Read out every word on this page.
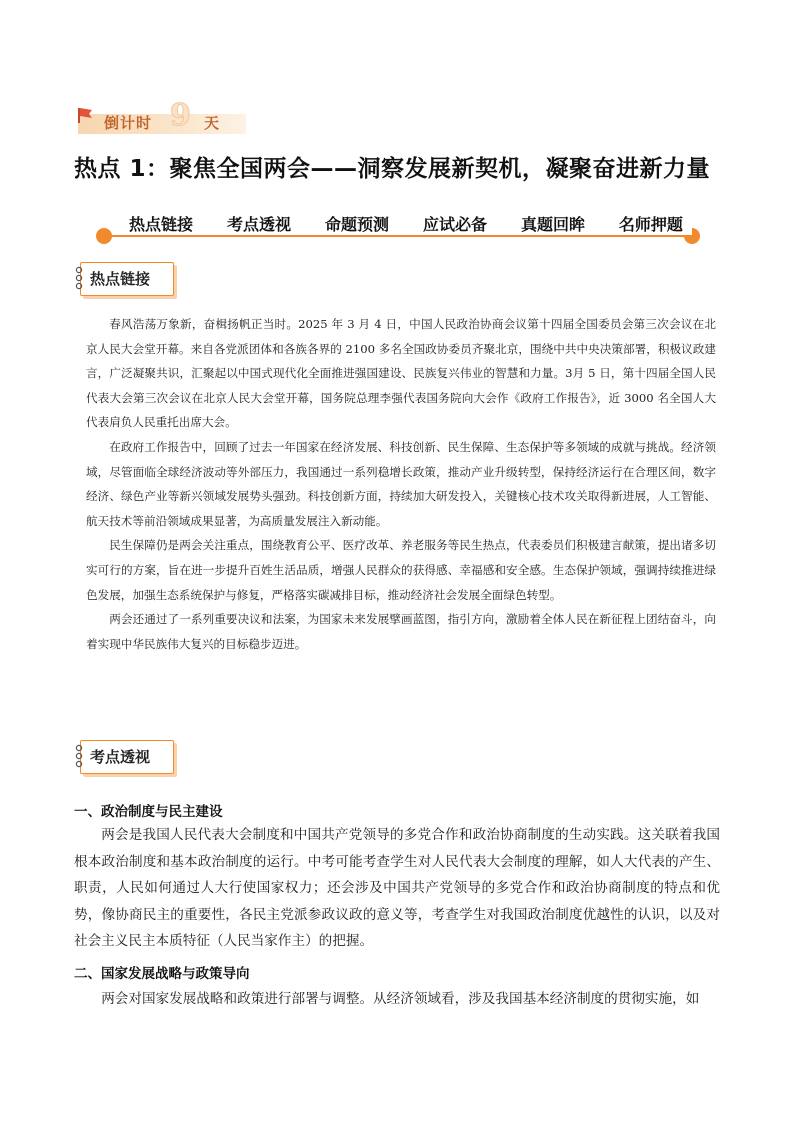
倒计时 9 天
热点 1：聚焦全国两会——洞察发展新契机，凝聚奋进新力量
热点链接 考点透视 命题预测 应试必备 真题回眸 名师押题
热点链接

春风浩荡万象新，奋楫扬帆正当时。2025 年 3 月 4 日，中国人民政治协商会议第十四届全国委员会第三次会议在北京人民大会堂开幕。来自各党派团体和各族各界的 2100 多名全国政协委员齐聚北京，围绕中共中央决策部署，积极议政建言，广泛凝聚共识，汇聚起以中国式现代化全面推进强国建设、民族复兴伟业的智慧和力量。3月 5 日，第十四届全国人民代表大会第三次会议在北京人民大会堂开幕，国务院总理李强代表国务院向大会作《政府工作报告》，近 3000 名全国人大代表肩负人民重托出席大会。

在政府工作报告中，回顾了过去一年国家在经济发展、科技创新、民生保障、生态保护等多领域的成就与挑战。经济领域，尽管面临全球经济波动等外部压力，我国通过一系列稳增长政策，推动产业升级转型，保持经济运行在合理区间，数字经济、绿色产业等新兴领域发展势头强劲。科技创新方面，持续加大研发投入，关键核心技术攻关取得新进展，人工智能、航天技术等前沿领域成果显著，为高质量发展注入新动能。

民生保障仍是两会关注重点，围绕教育公平、医疗改革、养老服务等民生热点，代表委员们积极建言献策，提出诸多切实可行的方案，旨在进一步提升百姓生活品质，增强人民群众的获得感、幸福感和安全感。生态保护领域，强调持续推进绿色发展，加强生态系统保护与修复，严格落实碳减排目标，推动经济社会发展全面绿色转型。

两会还通过了一系列重要决议和法案，为国家未来发展擘画蓝图，指引方向，激励着全体人民在新征程上团结奋斗，向着实现中华民族伟大复兴的目标稳步迈进。

考点透视
一、政治制度与民主建设
两会是我国人民代表大会制度和中国共产党领导的多党合作和政治协商制度的生动实践。这关联着我国根本政治制度和基本政治制度的运行。中考可能考查学生对人民代表大会制度的理解，如人大代表的产生、职责，人民如何通过人大行使国家权力；还会涉及中国共产党领导的多党合作和政治协商制度的特点和优势，像协商民主的重要性，各民主党派参政议政的意义等，考查学生对我国政治制度优越性的认识，以及对社会主义民主本质特征（人民当家作主）的把握。
二、国家发展战略与政策导向
两会对国家发展战略和政策进行部署与调整。从经济领域看，涉及我国基本经济制度的贯彻实施，如
